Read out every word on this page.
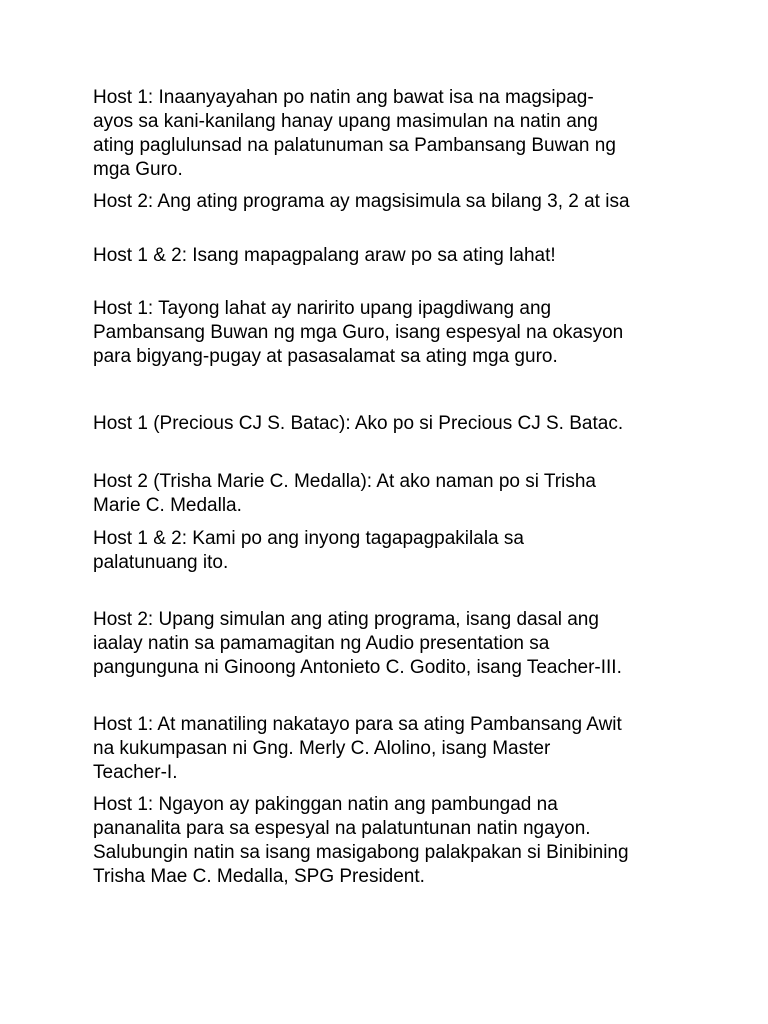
Host 1: Inaanyayahan po natin ang bawat isa na magsipag-
ayos sa kani-kanilang hanay upang masimulan na natin ang
ating paglulunsad na palatunuman sa Pambansang Buwan ng
mga Guro.

Host 2: Ang ating programa ay magsisimula sa bilang 3, 2 at isa

Host 1 & 2: Isang mapagpalang araw po sa ating lahat!

Host 1: Tayong lahat ay naririto upang ipagdiwang ang
Pambansang Buwan ng mga Guro, isang espesyal na okasyon
para bigyang-pugay at pasasalamat sa ating mga guro.

Host 1 (Precious CJ S. Batac): Ako po si Precious CJ S. Batac.

Host 2 (Trisha Marie C. Medalla): At ako naman po si Trisha
Marie C. Medalla.

Host 1 & 2: Kami po ang inyong tagapagpakilala sa
palatunuang ito.

Host 2: Upang simulan ang ating programa, isang dasal ang
iaalay natin sa pamamagitan ng Audio presentation sa
pangunguna ni Ginoong Antonieto C. Godito, isang Teacher-III.

Host 1: At manatiling nakatayo para sa ating Pambansang Awit
na kukumpasan ni Gng. Merly C. Alolino, isang Master
Teacher-I.

Host 1: Ngayon ay pakinggan natin ang pambungad na
pananalita para sa espesyal na palatuntunan natin ngayon.
Salubungin natin sa isang masigabong palakpakan si Binibining
Trisha Mae C. Medalla, SPG President.
